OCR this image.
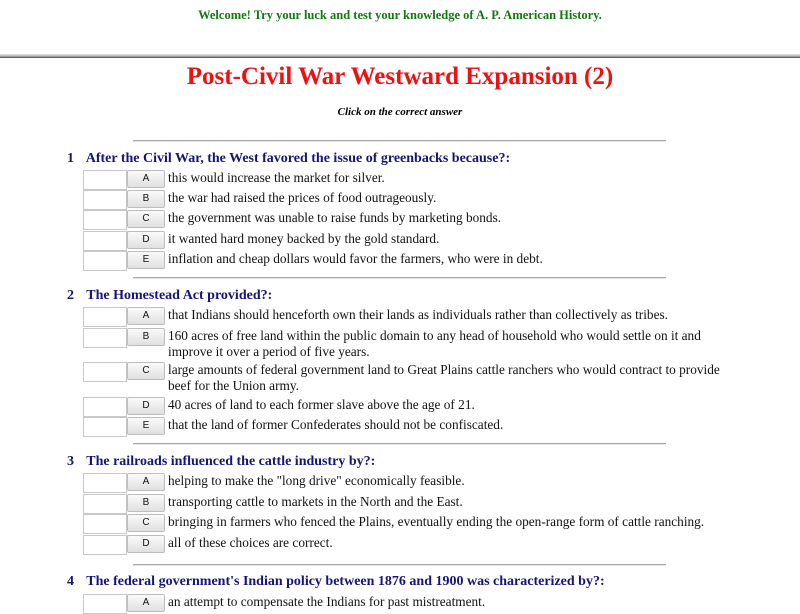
Welcome! Try your luck and test your knowledge of A. P. American History.
Post-Civil War Westward Expansion (2)
Click on the correct answer
1 After the Civil War, the West favored the issue of greenbacks because?:
A	this would increase the market for silver.
B	the war had raised the prices of food outrageously.
C	the government was unable to raise funds by marketing bonds.
D	it wanted hard money backed by the gold standard.
E	inflation and cheap dollars would favor the farmers, who were in debt.
2 The Homestead Act provided?:
A	that Indians should henceforth own their lands as individuals rather than collectively as tribes.
B	160 acres of free land within the public domain to any head of household who would settle on it and improve it over a period of five years.
C	large amounts of federal government land to Great Plains cattle ranchers who would contract to provide beef for the Union army.
D	40 acres of land to each former slave above the age of 21.
E	that the land of former Confederates should not be confiscated.
3 The railroads influenced the cattle industry by?:
A	helping to make the "long drive" economically feasible.
B	transporting cattle to markets in the North and the East.
C	bringing in farmers who fenced the Plains, eventually ending the open-range form of cattle ranching.
D	all of these choices are correct.
4 The federal government's Indian policy between 1876 and 1900 was characterized by?:
A	an attempt to compensate the Indians for past mistreatment.
